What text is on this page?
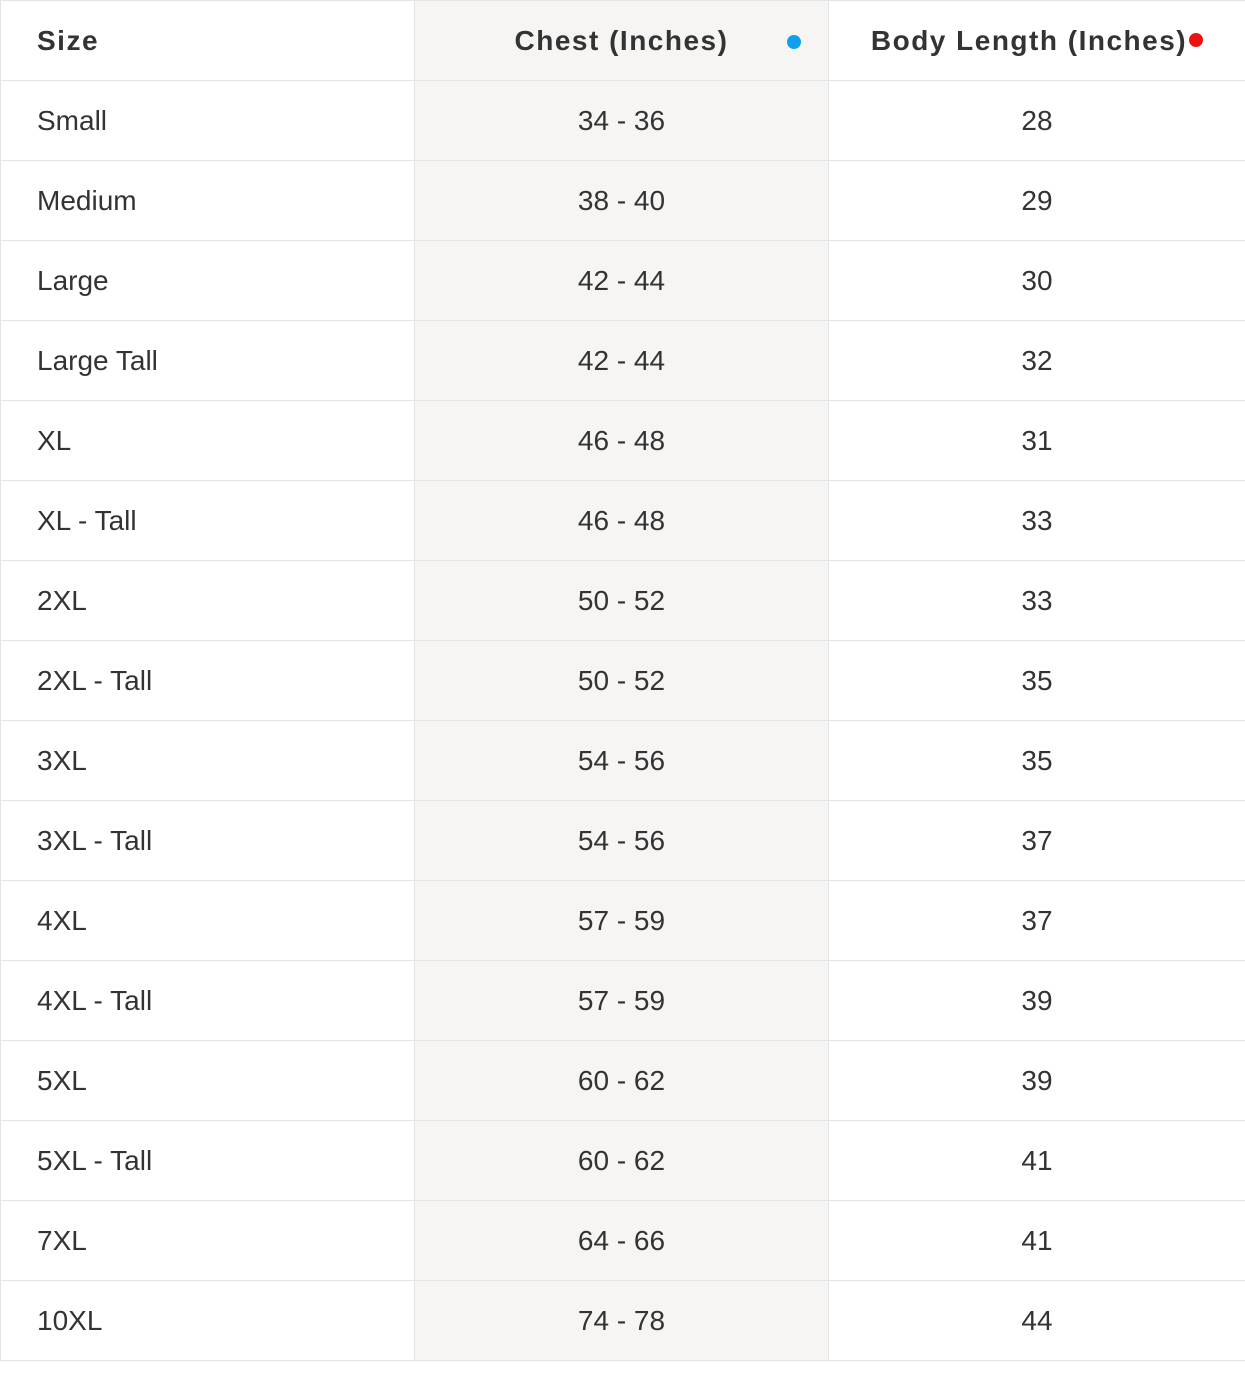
Size	Chest (Inches)	Body Length (Inches)
Small	34 - 36	28
Medium	38 - 40	29
Large	42 - 44	30
Large Tall	42 - 44	32
XL	46 - 48	31
XL - Tall	46 - 48	33
2XL	50 - 52	33
2XL - Tall	50 - 52	35
3XL	54 - 56	35
3XL - Tall	54 - 56	37
4XL	57 - 59	37
4XL - Tall	57 - 59	39
5XL	60 - 62	39
5XL - Tall	60 - 62	41
7XL	64 - 66	41
10XL	74 - 78	44
